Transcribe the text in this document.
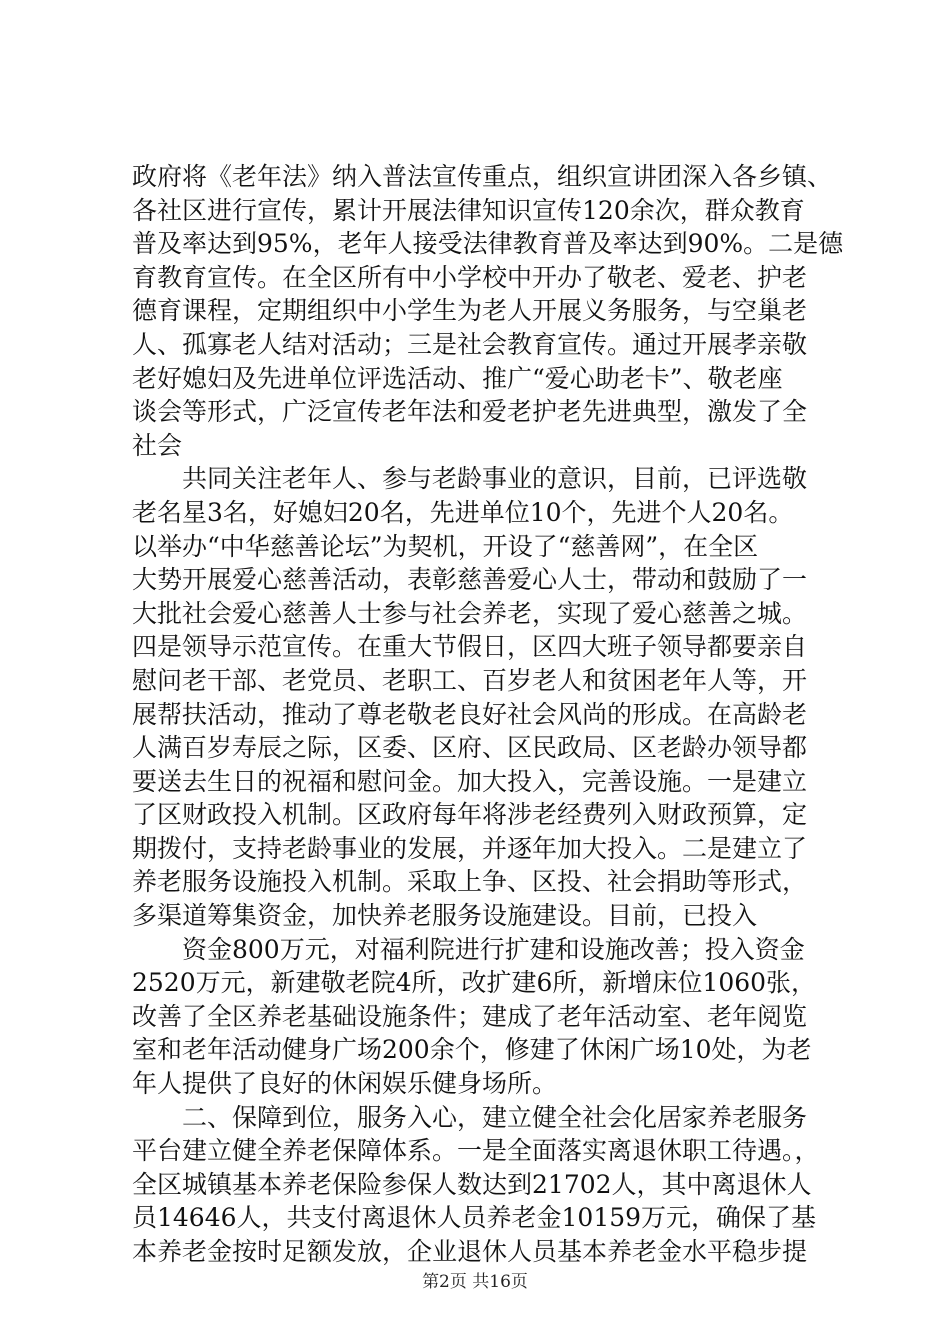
政府将《老年法》纳入普法宣传重点，组织宣讲团深入各乡镇、
各社区进行宣传，累计开展法律知识宣传120余次，群众教育
普及率达到95%，老年人接受法律教育普及率达到90%。二是德
育教育宣传。在全区所有中小学校中开办了敬老、爱老、护老
德育课程，定期组织中小学生为老人开展义务服务，与空巢老
人、孤寡老人结对活动；三是社会教育宣传。通过开展孝亲敬
老好媳妇及先进单位评选活动、推广“爱心助老卡”、敬老座
谈会等形式，广泛宣传老年法和爱老护老先进典型，激发了全
社会
共同关注老年人、参与老龄事业的意识，目前，已评选敬
老名星3名，好媳妇20名，先进单位10个，先进个人20名。
以举办“中华慈善论坛”为契机，开设了“慈善网”，在全区
大势开展爱心慈善活动，表彰慈善爱心人士，带动和鼓励了一
大批社会爱心慈善人士参与社会养老，实现了爱心慈善之城。
四是领导示范宣传。在重大节假日，区四大班子领导都要亲自
慰问老干部、老党员、老职工、百岁老人和贫困老年人等，开
展帮扶活动，推动了尊老敬老良好社会风尚的形成。在高龄老
人满百岁寿辰之际，区委、区府、区民政局、区老龄办领导都
要送去生日的祝福和慰问金。加大投入，完善设施。一是建立
了区财政投入机制。区政府每年将涉老经费列入财政预算，定
期拨付，支持老龄事业的发展，并逐年加大投入。二是建立了
养老服务设施投入机制。采取上争、区投、社会捐助等形式，
多渠道筹集资金，加快养老服务设施建设。目前，已投入
资金800万元，对福利院进行扩建和设施改善；投入资金
2520万元，新建敬老院4所，改扩建6所，新增床位1060张，
改善了全区养老基础设施条件；建成了老年活动室、老年阅览
室和老年活动健身广场200余个，修建了休闲广场10处，为老
年人提供了良好的休闲娱乐健身场所。
二、保障到位，服务入心，建立健全社会化居家养老服务
平台建立健全养老保障体系。一是全面落实离退休职工待遇。，
全区城镇基本养老保险参保人数达到21702人，其中离退休人
员14646人，共支付离退休人员养老金10159万元，确保了基
本养老金按时足额发放，企业退休人员基本养老金水平稳步提
第2页 共16页
